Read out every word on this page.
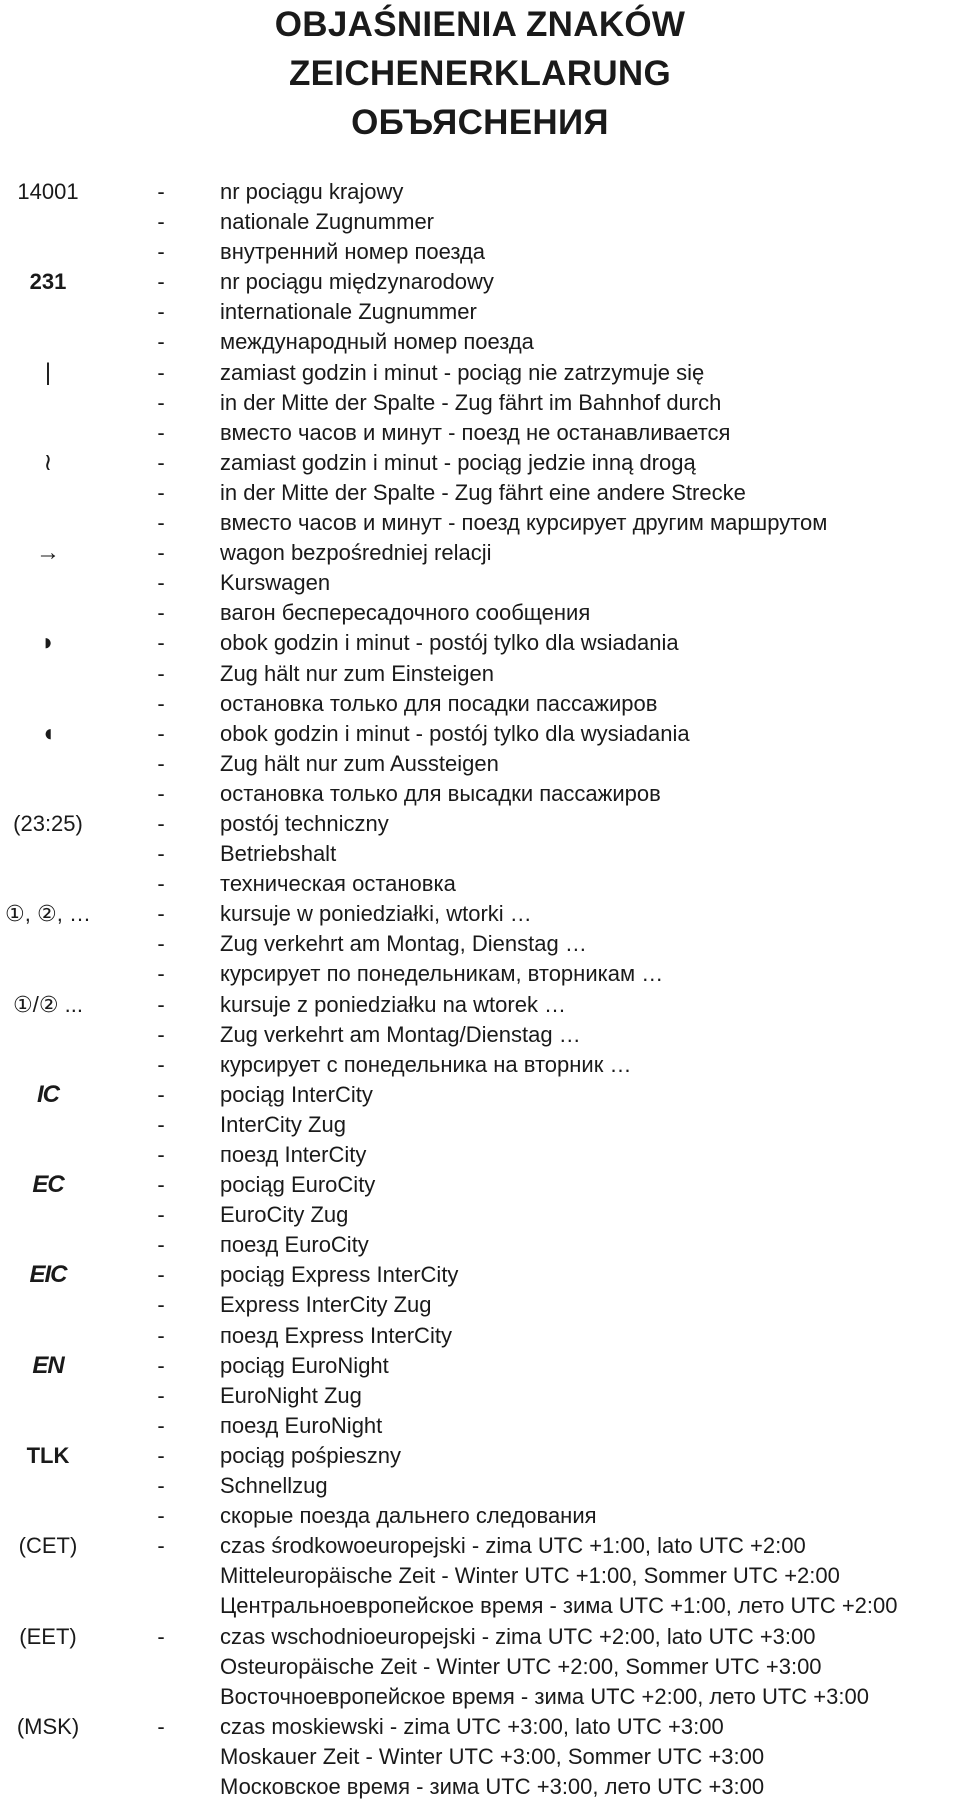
OBJAŚNIENIA ZNAKÓW
ZEICHENERKLARUNG
ОБЪЯСНЕНИЯ
14001	-	nr pociągu krajowy
-	nationale Zugnummer
-	внутренний номер поезда
231	-	nr pociągu międzynarodowy
-	internationale Zugnummer
-	международный номер поезда
|	-	zamiast godzin i minut - pociąg nie zatrzymuje się
-	in der Mitte der Spalte - Zug fährt im Bahnhof durch
-	вместо часов и минут - поезд не останавливается
≀	-	zamiast godzin i minut - pociąg jedzie inną drogą
-	in der Mitte der Spalte - Zug fährt eine andere Strecke
-	вместо часов и минут - поезд курсирует другим маршрутом
→	-	wagon bezpośredniej relacji
-	Kurswagen
-	вагон беспересадочного сообщения
◗	-	obok godzin i minut - postój tylko dla wsiadania
-	Zug hält nur zum Einsteigen
-	остановка только для посадки пассажиров
◖	-	obok godzin i minut - postój tylko dla wysiadania
-	Zug hält nur zum Aussteigen
-	остановка только для высадки пассажиров
(23:25)	-	postój techniczny
-	Betriebshalt
-	техническая остановка
①, ②, …	-	kursuje w poniedziałki, wtorki …
-	Zug verkehrt am Montag, Dienstag …
-	курсирует по понедельникам, вторникам …
①/② ...	-	kursuje z poniedziałku na wtorek …
-	Zug verkehrt am Montag/Dienstag …
-	курсирует с понедельника на вторник …
IC	-	pociąg InterCity
-	InterCity Zug
-	поезд InterCity
EC	-	pociąg EuroCity
-	EuroCity Zug
-	поезд EuroCity
EIC	-	pociąg Express InterCity
-	Express InterCity Zug
-	поезд Express InterCity
EN	-	pociąg EuroNight
-	EuroNight Zug
-	поезд EuroNight
TLK	-	pociąg pośpieszny
-	Schnellzug
-	скорые поезда дальнего следования
(CET)	-	czas środkowoeuropejski - zima UTC +1:00, lato UTC +2:00
Mitteleuropäische Zeit - Winter UTC +1:00, Sommer UTC +2:00
Центральноевропейское время - зима UTC +1:00, лето UTC +2:00
(EET)	-	czas wschodnioeuropejski - zima UTC +2:00, lato UTC +3:00
Osteuropäische Zeit - Winter UTC +2:00, Sommer UTC +3:00
Восточноевропейское время - зима UTC +2:00, лето UTC +3:00
(MSK)	-	czas moskiewski - zima UTC +3:00, lato UTC +3:00
Moskauer Zeit - Winter UTC +3:00, Sommer UTC +3:00
Московское время - зима UTC +3:00, лето UTC +3:00
